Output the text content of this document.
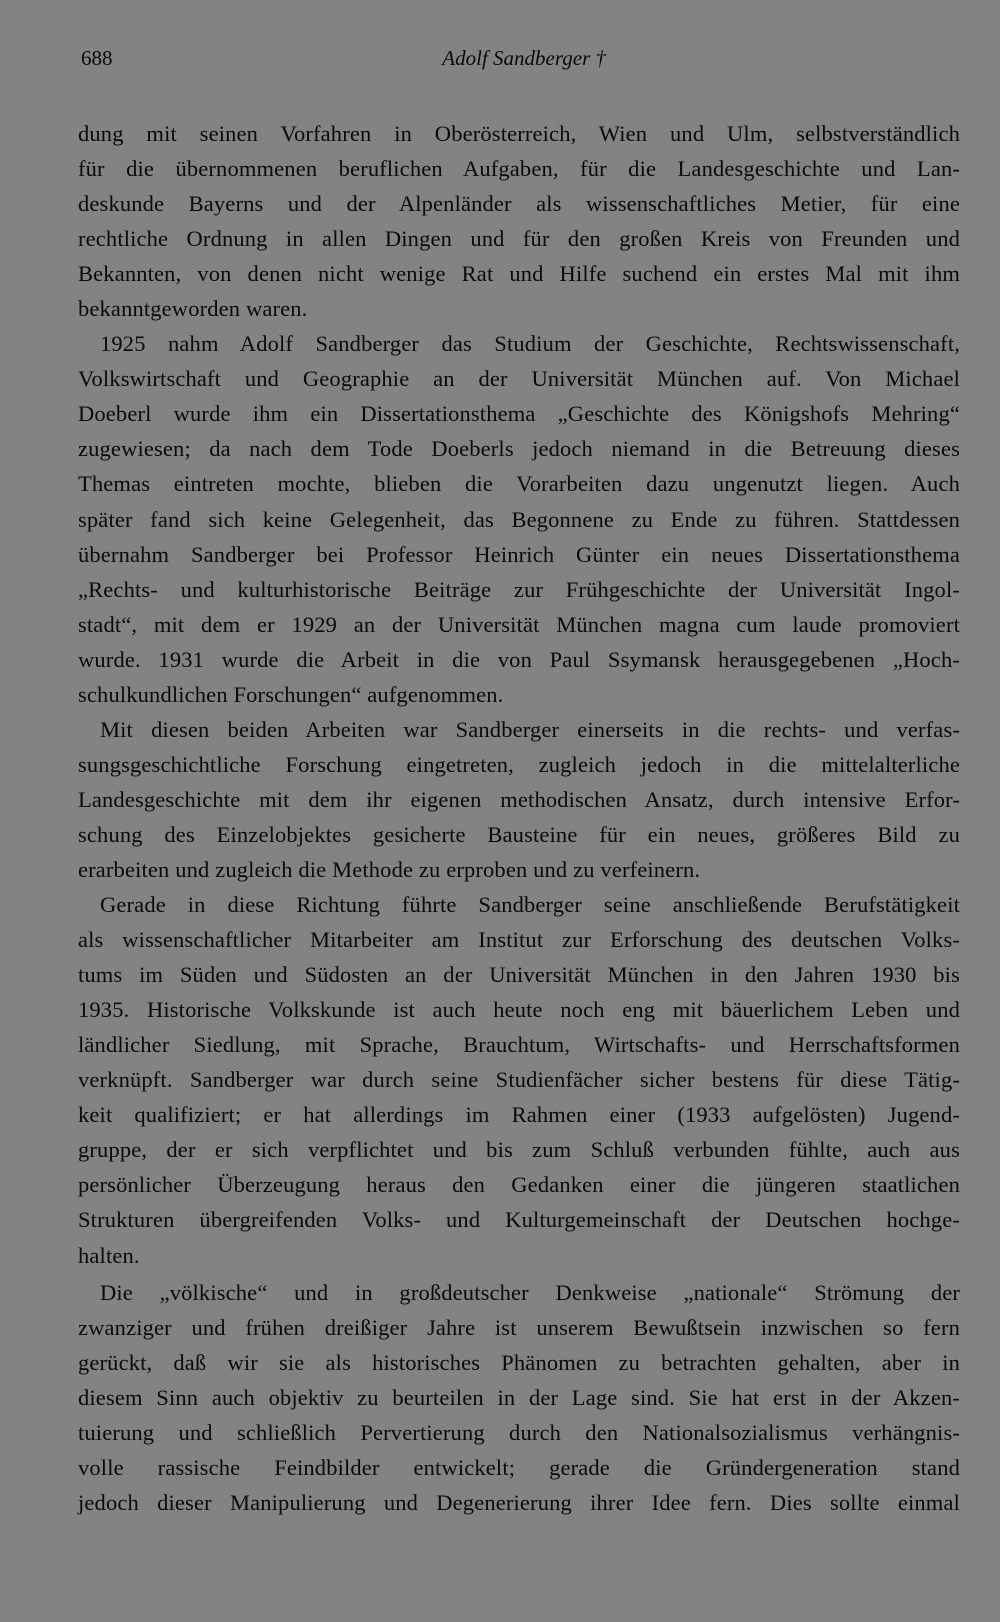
688	Adolf Sandberger †
dung mit seinen Vorfahren in Oberösterreich, Wien und Ulm, selbstverständlich
für die übernommenen beruflichen Aufgaben, für die Landesgeschichte und Lan-
deskunde Bayerns und der Alpenländer als wissenschaftliches Metier, für eine
rechtliche Ordnung in allen Dingen und für den großen Kreis von Freunden und
Bekannten, von denen nicht wenige Rat und Hilfe suchend ein erstes Mal mit ihm
bekanntgeworden waren.
1925 nahm Adolf Sandberger das Studium der Geschichte, Rechtswissenschaft,
Volkswirtschaft und Geographie an der Universität München auf. Von Michael
Doeberl wurde ihm ein Dissertationsthema „Geschichte des Königshofs Mehring“
zugewiesen; da nach dem Tode Doeberls jedoch niemand in die Betreuung dieses
Themas eintreten mochte, blieben die Vorarbeiten dazu ungenutzt liegen. Auch
später fand sich keine Gelegenheit, das Begonnene zu Ende zu führen. Stattdessen
übernahm Sandberger bei Professor Heinrich Günter ein neues Dissertationsthema
„Rechts- und kulturhistorische Beiträge zur Frühgeschichte der Universität Ingol-
stadt“, mit dem er 1929 an der Universität München magna cum laude promoviert
wurde. 1931 wurde die Arbeit in die von Paul Ssymansk herausgegebenen „Hoch-
schulkundlichen Forschungen“ aufgenommen.
Mit diesen beiden Arbeiten war Sandberger einerseits in die rechts- und verfas-
sungsgeschichtliche Forschung eingetreten, zugleich jedoch in die mittelalterliche
Landesgeschichte mit dem ihr eigenen methodischen Ansatz, durch intensive Erfor-
schung des Einzelobjektes gesicherte Bausteine für ein neues, größeres Bild zu
erarbeiten und zugleich die Methode zu erproben und zu verfeinern.
Gerade in diese Richtung führte Sandberger seine anschließende Berufstätigkeit
als wissenschaftlicher Mitarbeiter am Institut zur Erforschung des deutschen Volks-
tums im Süden und Südosten an der Universität München in den Jahren 1930 bis
1935. Historische Volkskunde ist auch heute noch eng mit bäuerlichem Leben und
ländlicher Siedlung, mit Sprache, Brauchtum, Wirtschafts- und Herrschaftsformen
verknüpft. Sandberger war durch seine Studienfächer sicher bestens für diese Tätig-
keit qualifiziert; er hat allerdings im Rahmen einer (1933 aufgelösten) Jugend-
gruppe, der er sich verpflichtet und bis zum Schluß verbunden fühlte, auch aus
persönlicher Überzeugung heraus den Gedanken einer die jüngeren staatlichen
Strukturen übergreifenden Volks- und Kulturgemeinschaft der Deutschen hochge-
halten.
Die „völkische“ und in großdeutscher Denkweise „nationale“ Strömung der
zwanziger und frühen dreißiger Jahre ist unserem Bewußtsein inzwischen so fern
gerückt, daß wir sie als historisches Phänomen zu betrachten gehalten, aber in
diesem Sinn auch objektiv zu beurteilen in der Lage sind. Sie hat erst in der Akzen-
tuierung und schließlich Pervertierung durch den Nationalsozialismus verhängnis-
volle rassische Feindbilder entwickelt; gerade die Gründergeneration stand
jedoch dieser Manipulierung und Degenerierung ihrer Idee fern. Dies sollte einmal
